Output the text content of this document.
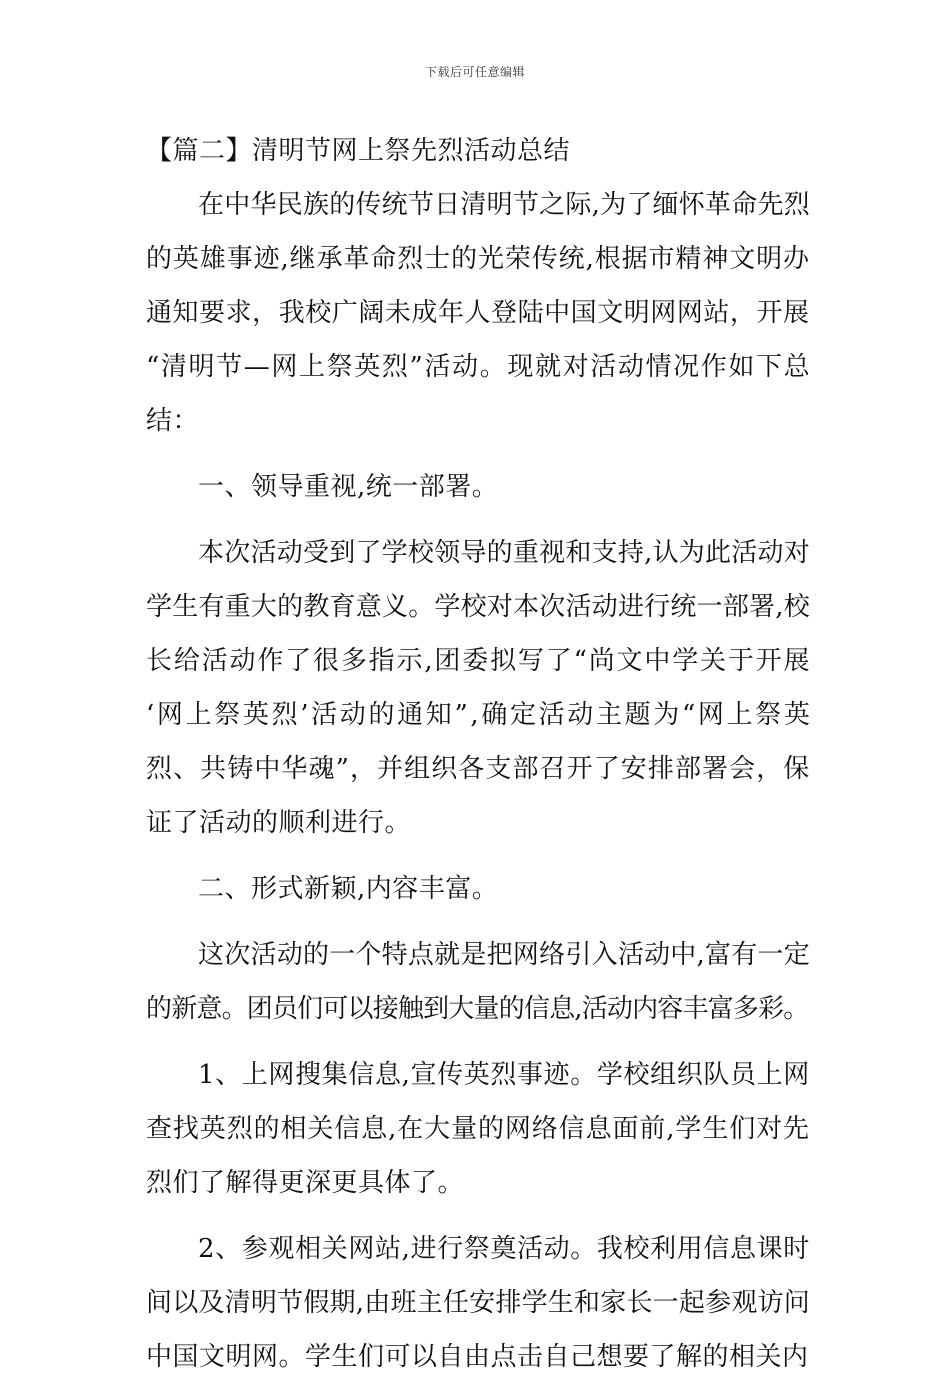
下载后可任意编辑
【篇二】清明节网上祭先烈活动总结
在中华民族的传统节日清明节之际,为了缅怀革命先烈
的英雄事迹,继承革命烈士的光荣传统,根据市精神文明办
通知要求，我校广阔未成年人登陆中国文明网网站，开展
“清明节—网上祭英烈”活动。现就对活动情况作如下总
结：
一、领导重视,统一部署。
本次活动受到了学校领导的重视和支持,认为此活动对
学生有重大的教育意义。学校对本次活动进行统一部署,校
长给活动作了很多指示,团委拟写了“尚文中学关于开展
‘网上祭英烈’活动的通知”,确定活动主题为“网上祭英
烈、共铸中华魂”，并组织各支部召开了安排部署会，保
证了活动的顺利进行。
二、形式新颖,内容丰富。
这次活动的一个特点就是把网络引入活动中,富有一定
的新意。团员们可以接触到大量的信息,活动内容丰富多彩。
1、上网搜集信息,宣传英烈事迹。学校组织队员上网
查找英烈的相关信息,在大量的网络信息面前,学生们对先
烈们了解得更深更具体了。
2、参观相关网站,进行祭奠活动。我校利用信息课时
间以及清明节假期,由班主任安排学生和家长一起参观访问
中国文明网。学生们可以自由点击自己想要了解的相关内
